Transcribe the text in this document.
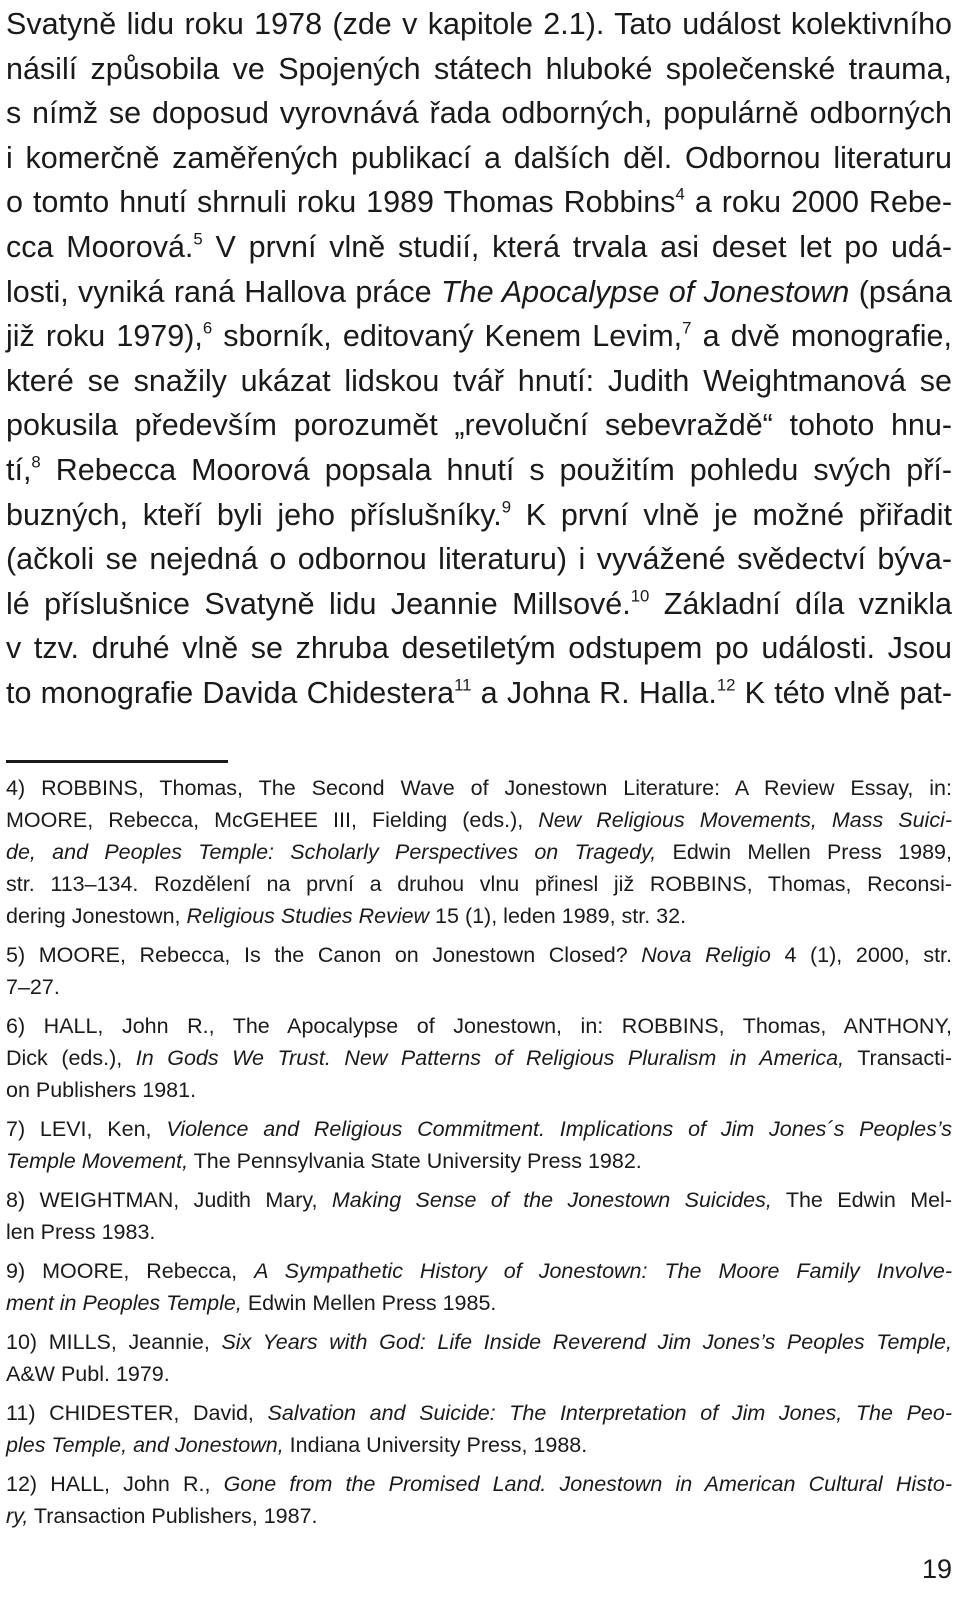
Svatyně lidu roku 1978 (zde v kapitole 2.1). Tato událost kolektivního
násilí způsobila ve Spojených státech hluboké společenské trauma,
s nímž se doposud vyrovnává řada odborných, populárně odborných
i komerčně zaměřených publikací a dalších děl. Odbornou literaturu
o tomto hnutí shrnuli roku 1989 Thomas Robbins$^4$ a roku 2000 Rebe-
cca Moorová.$^5$ V první vlně studií, která trvala asi deset let po udá-
losti, vyniká raná Hallova práce The Apocalypse of Jonestown (psána
již roku 1979),$^6$ sborník, editovaný Kenem Levim,$^7$ a dvě monografie,
které se snažily ukázat lidskou tvář hnutí: Judith Weightmanová se
pokusila především porozumět „revoluční sebevraždě“ tohoto hnu-
tí,$^8$ Rebecca Moorová popsala hnutí s použitím pohledu svých pří-
buzných, kteří byli jeho příslušníky.$^9$ K první vlně je možné přiřadit
(ačkoli se nejedná o odbornou literaturu) i vyvážené svědectví býva-
lé příslušnice Svatyně lidu Jeannie Millsové.$^{10}$ Základní díla vznikla
v tzv. druhé vlně se zhruba desetiletým odstupem po události. Jsou
to monografie Davida Chidestera$^{11}$ a Johna R. Halla.$^{12}$ K této vlně pat-
4) ROBBINS, Thomas, The Second Wave of Jonestown Literature: A Review Essay, in:
MOORE, Rebecca, McGEHEE III, Fielding (eds.), New Religious Movements, Mass Suici-
de, and Peoples Temple: Scholarly Perspectives on Tragedy, Edwin Mellen Press 1989,
str. 113–134. Rozdělení na první a druhou vlnu přinesl již ROBBINS, Thomas, Reconsi-
dering Jonestown, Religious Studies Review 15 (1), leden 1989, str. 32.
5) MOORE, Rebecca, Is the Canon on Jonestown Closed? Nova Religio 4 (1), 2000, str.
7–27.
6) HALL, John R., The Apocalypse of Jonestown, in: ROBBINS, Thomas, ANTHONY,
Dick (eds.), In Gods We Trust. New Patterns of Religious Pluralism in America, Transacti-
on Publishers 1981.
7) LEVI, Ken, Violence and Religious Commitment. Implications of Jim Jones´s Peoples’s
Temple Movement, The Pennsylvania State University Press 1982.
8) WEIGHTMAN, Judith Mary, Making Sense of the Jonestown Suicides, The Edwin Mel-
len Press 1983.
9) MOORE, Rebecca, A Sympathetic History of Jonestown: The Moore Family Involve-
ment in Peoples Temple, Edwin Mellen Press 1985.
10) MILLS, Jeannie, Six Years with God: Life Inside Reverend Jim Jones’s Peoples Temple,
A&W Publ. 1979.
11) CHIDESTER, David, Salvation and Suicide: The Interpretation of Jim Jones, The Peo-
ples Temple, and Jonestown, Indiana University Press, 1988.
12) HALL, John R., Gone from the Promised Land. Jonestown in American Cultural Histo-
ry, Transaction Publishers, 1987.
19
